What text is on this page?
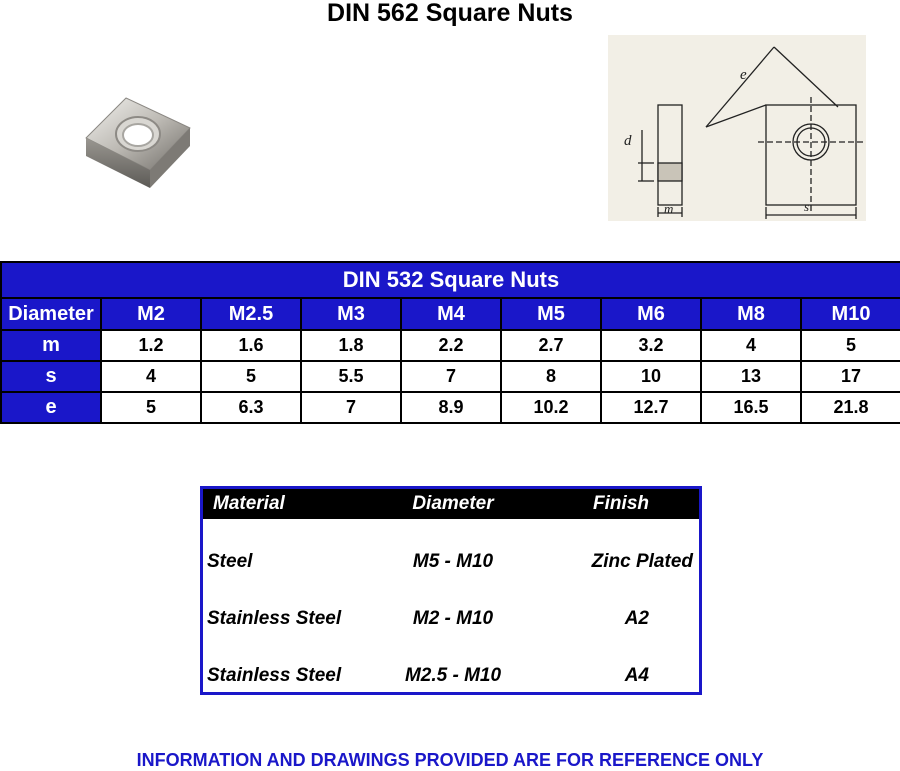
DIN 562 Square Nuts
e
d
m	s
DIN 532 Square Nuts								
Diameter	M2	M2.5	M3	M4	M5	M6	M8	M10
m	1.2	1.6	1.8	2.2	2.7	3.2	4	5
s	4	5	5.5	7	8	10	13	17
e	5	6.3	7	8.9	10.2	12.7	16.5	21.8
Material	Diameter	Finish
Steel	M5 - M10	Zinc Plated
Stainless Steel	M2 - M10	A2
Stainless Steel	M2.5 - M10	A4
INFORMATION AND DRAWINGS PROVIDED ARE FOR REFERENCE ONLY
